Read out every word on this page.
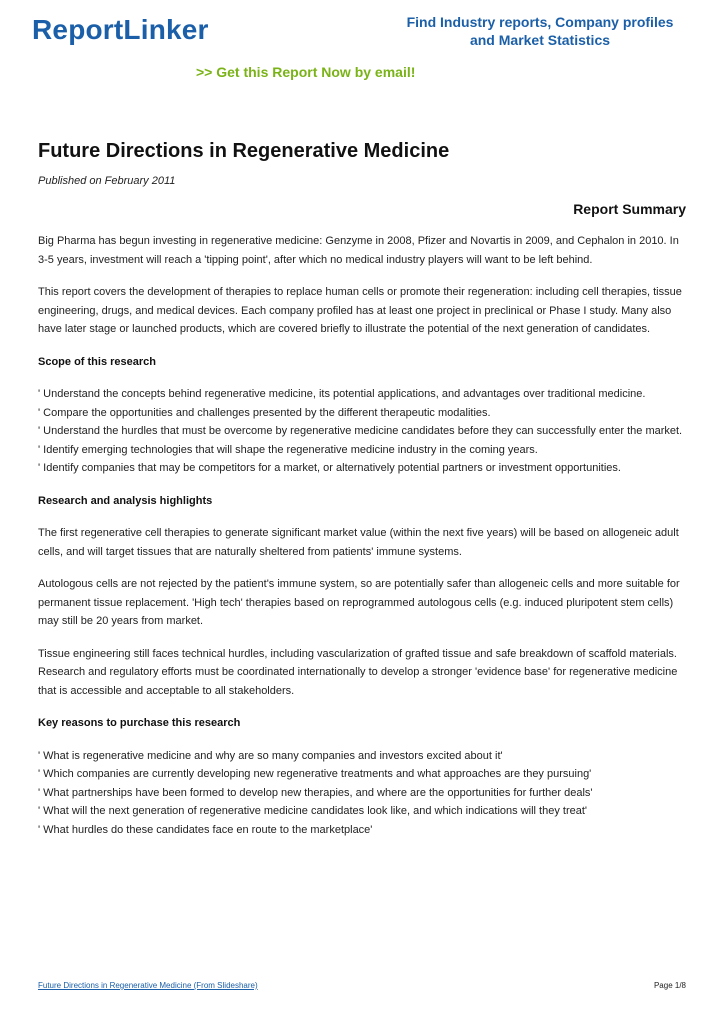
ReportLinker	Find Industry reports, Company profiles
and Market Statistics
>> Get this Report Now by email!
Future Directions in Regenerative Medicine
Published on February 2011
Report Summary

Big Pharma has begun investing in regenerative medicine: Genzyme in 2008, Pfizer and Novartis in 2009, and Cephalon in 2010. In 3-5 years, investment will reach a 'tipping point', after which no medical industry players will want to be left behind.

This report covers the development of therapies to replace human cells or promote their regeneration: including cell therapies, tissue engineering, drugs, and medical devices. Each company profiled has at least one project in preclinical or Phase I study. Many also have later stage or launched products, which are covered briefly to illustrate the potential of the next generation of candidates.

Scope of this research

' Understand the concepts behind regenerative medicine, its potential applications, and advantages over traditional medicine.

' Compare the opportunities and challenges presented by the different therapeutic modalities.

' Understand the hurdles that must be overcome by regenerative medicine candidates before they can successfully enter the market.

' Identify emerging technologies that will shape the regenerative medicine industry in the coming years.

' Identify companies that may be competitors for a market, or alternatively potential partners or investment opportunities.

Research and analysis highlights

The first regenerative cell therapies to generate significant market value (within the next five years) will be based on allogeneic adult cells, and will target tissues that are naturally sheltered from patients' immune systems.

Autologous cells are not rejected by the patient's immune system, so are potentially safer than allogeneic cells and more suitable for permanent tissue replacement. 'High tech' therapies based on reprogrammed autologous cells (e.g. induced pluripotent stem cells) may still be 20 years from market.

Tissue engineering still faces technical hurdles, including vascularization of grafted tissue and safe breakdown of scaffold materials. Research and regulatory efforts must be coordinated internationally to develop a stronger 'evidence base' for regenerative medicine that is accessible and acceptable to all stakeholders.

Key reasons to purchase this research

' What is regenerative medicine and why are so many companies and investors excited about it'

' Which companies are currently developing new regenerative treatments and what approaches are they pursuing'

' What partnerships have been formed to develop new therapies, and where are the opportunities for further deals'

' What will the next generation of regenerative medicine candidates look like, and which indications will they treat'

' What hurdles do these candidates face en route to the marketplace'

Future Directions in Regenerative Medicine (From Slideshare)	Page 1/8
